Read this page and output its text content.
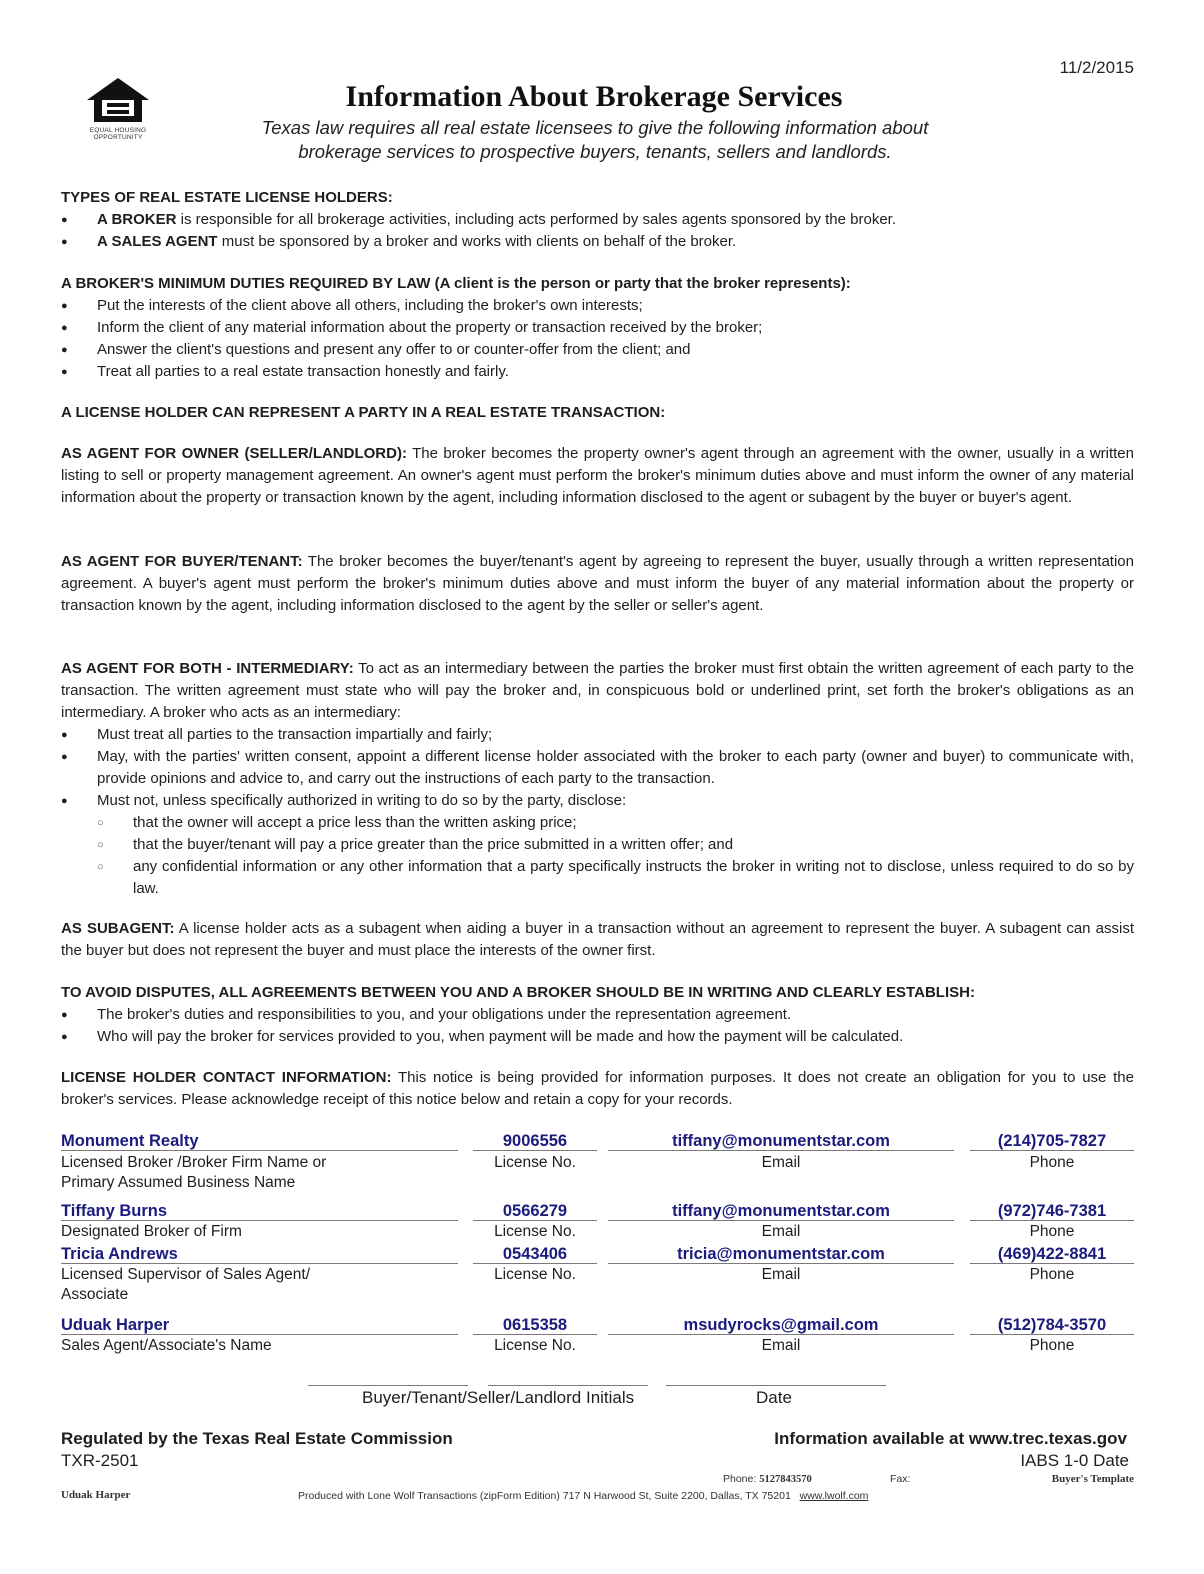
EQUAL HOUSING
OPPORTUNITY
11/2/2015
Information About Brokerage Services
Texas law requires all real estate licensees to give the following information about
brokerage services to prospective buyers, tenants, sellers and landlords.
TYPES OF REAL ESTATE LICENSE HOLDERS:
● A BROKER is responsible for all brokerage activities, including acts performed by sales agents sponsored by the broker.
● A SALES AGENT must be sponsored by a broker and works with clients on behalf of the broker.
A BROKER'S MINIMUM DUTIES REQUIRED BY LAW (A client is the person or party that the broker represents):
● Put the interests of the client above all others, including the broker's own interests;
● Inform the client of any material information about the property or transaction received by the broker;
● Answer the client's questions and present any offer to or counter-offer from the client; and
● Treat all parties to a real estate transaction honestly and fairly.
A LICENSE HOLDER CAN REPRESENT A PARTY IN A REAL ESTATE TRANSACTION:
AS AGENT FOR OWNER (SELLER/LANDLORD): The broker becomes the property owner's agent through an agreement with the owner, usually in a written listing to sell or property management agreement. An owner's agent must perform the broker's minimum duties above and must inform the owner of any material information about the property or transaction known by the agent, including information disclosed to the agent or subagent by the buyer or buyer's agent.
AS AGENT FOR BUYER/TENANT: The broker becomes the buyer/tenant's agent by agreeing to represent the buyer, usually through a written representation agreement. A buyer's agent must perform the broker's minimum duties above and must inform the buyer of any material information about the property or transaction known by the agent, including information disclosed to the agent by the seller or seller's agent.
AS AGENT FOR BOTH - INTERMEDIARY: To act as an intermediary between the parties the broker must first obtain the written agreement of each party to the transaction. The written agreement must state who will pay the broker and, in conspicuous bold or underlined print, set forth the broker's obligations as an intermediary. A broker who acts as an intermediary:
● Must treat all parties to the transaction impartially and fairly;
● May, with the parties' written consent, appoint a different license holder associated with the broker to each party (owner and buyer) to communicate with, provide opinions and advice to, and carry out the instructions of each party to the transaction.
● Must not, unless specifically authorized in writing to do so by the party, disclose:
○ that the owner will accept a price less than the written asking price;
○ that the buyer/tenant will pay a price greater than the price submitted in a written offer; and
○ any confidential information or any other information that a party specifically instructs the broker in writing not to disclose, unless required to do so by law.
AS SUBAGENT: A license holder acts as a subagent when aiding a buyer in a transaction without an agreement to represent the buyer. A subagent can assist the buyer but does not represent the buyer and must place the interests of the owner first.
TO AVOID DISPUTES, ALL AGREEMENTS BETWEEN YOU AND A BROKER SHOULD BE IN WRITING AND CLEARLY ESTABLISH:
● The broker's duties and responsibilities to you, and your obligations under the representation agreement.
● Who will pay the broker for services provided to you, when payment will be made and how the payment will be calculated.
LICENSE HOLDER CONTACT INFORMATION: This notice is being provided for information purposes. It does not create an obligation for you to use the broker's services. Please acknowledge receipt of this notice below and retain a copy for your records.
Monument Realty	9006556	tiffany@monumentstar.com	(214)705-7827
Licensed Broker /Broker Firm Name or
Primary Assumed Business Name
License No.	Email	Phone
Tiffany Burns	0566279	tiffany@monumentstar.com	(972)746-7381
Designated Broker of Firm	License No.	Email	Phone
Tricia Andrews	0543406	tricia@monumentstar.com	(469)422-8841
Licensed Supervisor of Sales Agent/
Associate
License No.	Email	Phone
Uduak Harper	0615358	msudyrocks@gmail.com	(512)784-3570
Sales Agent/Associate's Name	License No.	Email	Phone
Buyer/Tenant/Seller/Landlord Initials	Date
Regulated by the Texas Real Estate Commission
TXR-2501
Information available at www.trec.texas.gov
IABS 1-0 Date
Phone: 5127843570	Fax:	Buyer's Template
Uduak Harper	Produced with Lone Wolf Transactions (zipForm Edition) 717 N Harwood St, Suite 2200, Dallas, TX 75201 www.lwolf.com
